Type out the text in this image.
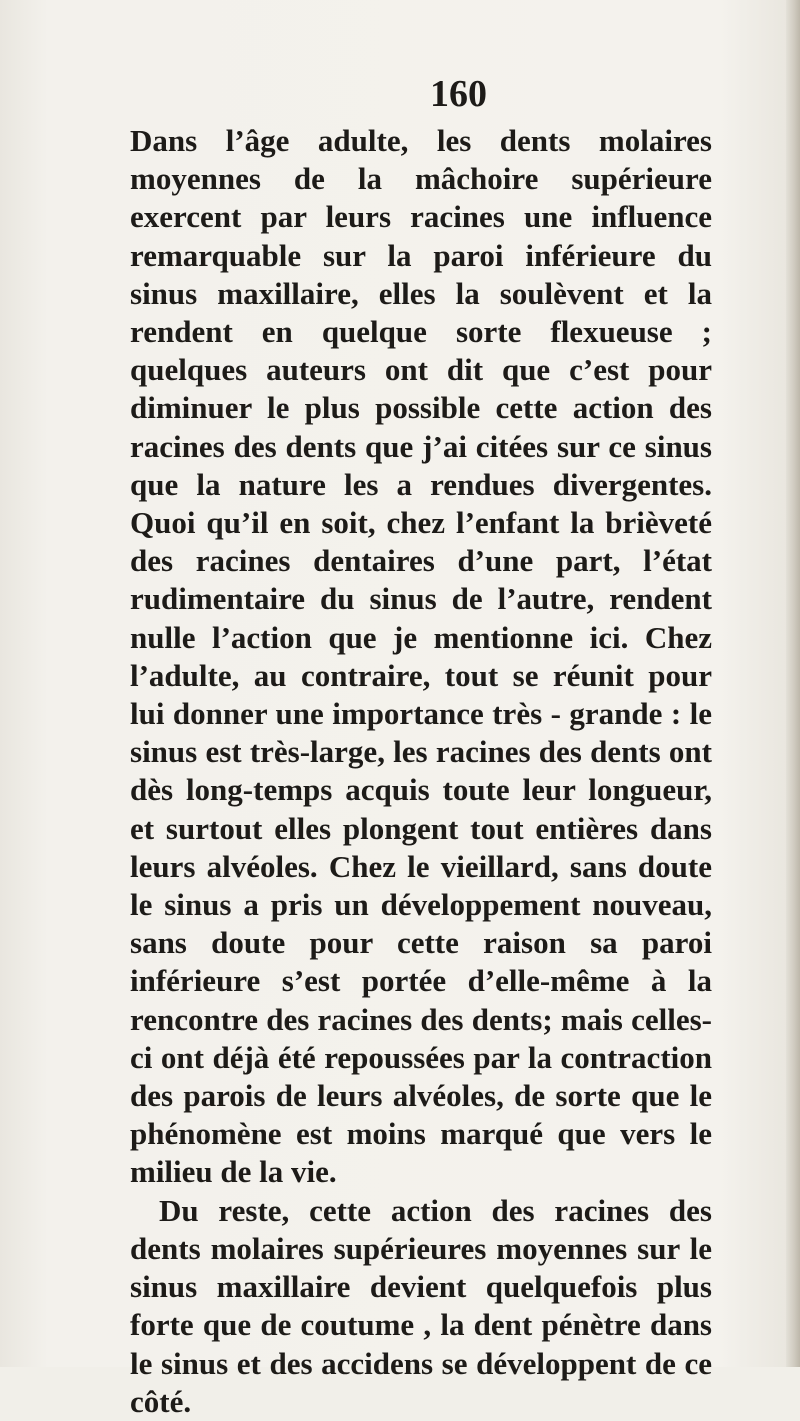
160

Dans l’âge adulte, les dents molaires moyennes de la mâchoire supérieure exercent par leurs racines une influence remarquable sur la paroi inférieure du sinus maxillaire, elles la soulèvent et la rendent en quelque sorte flexueuse ; quelques auteurs ont dit que c’est pour diminuer le plus possible cette action des racines des dents que j’ai citées sur ce sinus que la nature les a rendues divergentes. Quoi qu’il en soit, chez l’enfant la brièveté des racines dentaires d’une part, l’état rudimentaire du sinus de l’autre, rendent nulle l’action que je mentionne ici. Chez l’adulte, au contraire, tout se réunit pour lui donner une importance très - grande : le sinus est très-large, les racines des dents ont dès long-temps acquis toute leur longueur, et surtout elles plongent tout entières dans leurs alvéoles. Chez le vieillard, sans doute le sinus a pris un développement nouveau, sans doute pour cette raison sa paroi inférieure s’est portée d’elle-même à la rencontre des racines des dents; mais celles-ci ont déjà été repoussées par la contraction des parois de leurs alvéoles, de sorte que le phénomène est moins marqué que vers le milieu de la vie.

Du reste, cette action des racines des dents molaires supérieures moyennes sur le sinus maxillaire devient quelquefois plus forte que de coutume , la dent pénètre dans le sinus et des accidens se développent de ce côté.
